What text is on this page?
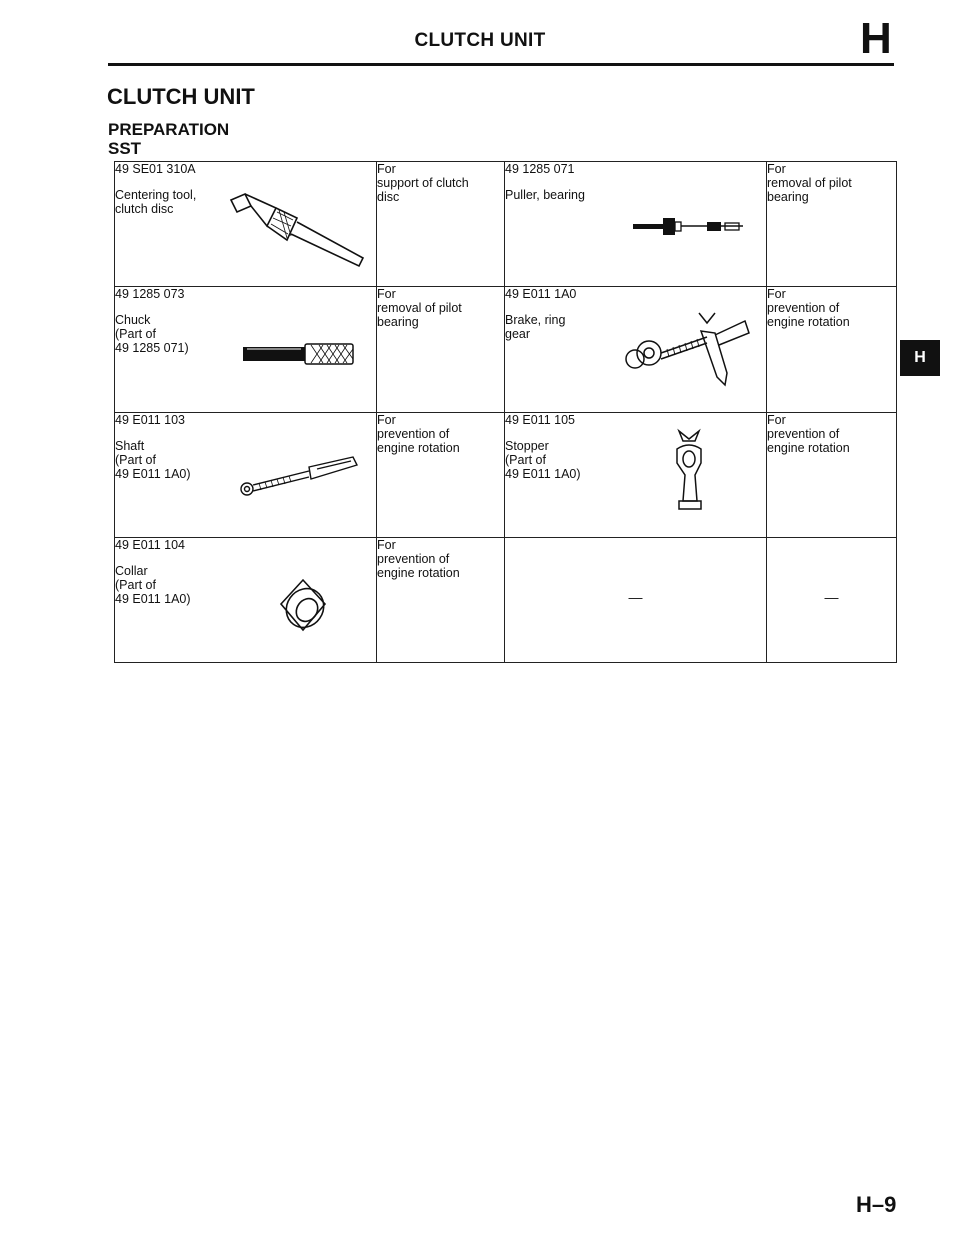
CLUTCH UNIT	H
CLUTCH UNIT
PREPARATION
SST
H
49 SE01 310A
Centering tool,
clutch disc	For
support of clutch
disc	49 1285 071
Puller, bearing	For
removal of pilot
bearing

49 1285 073
Chuck
(Part of
49 1285 071)	For
removal of pilot
bearing	49 E011 1A0
Brake, ring
gear	For
prevention of
engine rotation

49 E011 103
Shaft
(Part of
49 E011 1A0)	For
prevention of
engine rotation	49 E011 105
Stopper
(Part of
49 E011 1A0)	For
prevention of
engine rotation

49 E011 104
Collar
(Part of
49 E011 1A0)	For
prevention of
engine rotation	—	—
H–9
